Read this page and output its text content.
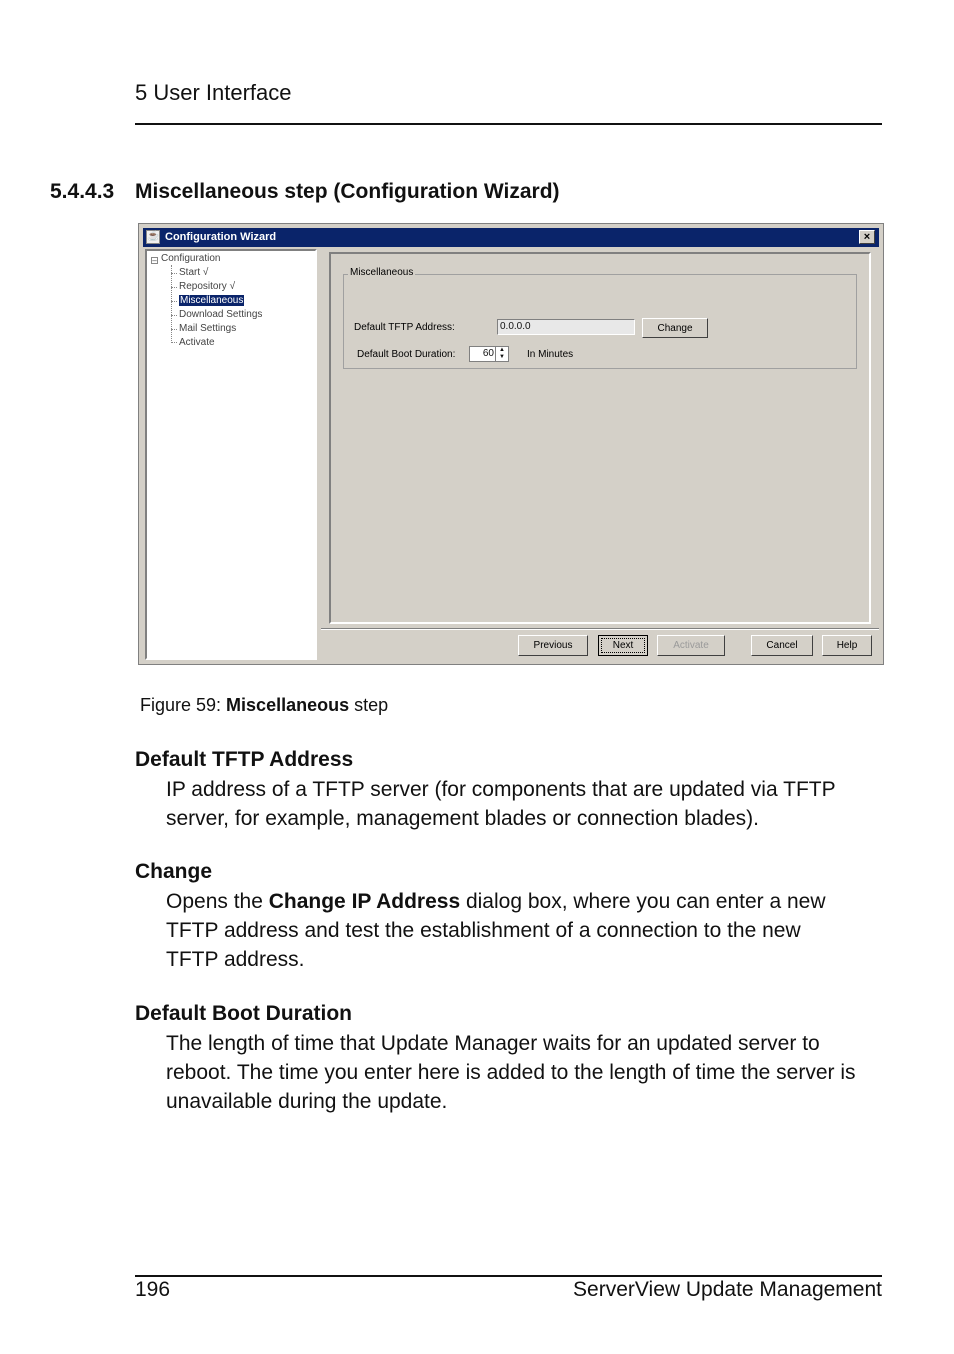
5 User Interface
5.4.4.3 Miscellaneous step (Configuration Wizard)
☕ Configuration Wizard	×
– Configuration
Start √
Repository √
Miscellaneous
Download Settings
Mail Settings
Activate
Miscellaneous
Default TFTP Address:	0.0.0.0	Change
Default Boot Duration:	60 ▲
▼	In Minutes
Previous	Next	Activate	Cancel	Help
Figure 59: Miscellaneous step
Default TFTP Address
IP address of a TFTP server (for components that are updated via TFTP
server, for example, management blades or connection blades).
Change
Opens the Change IP Address dialog box, where you can enter a new
TFTP address and test the establishment of a connection to the new
TFTP address.
Default Boot Duration
The length of time that Update Manager waits for an updated server to
reboot. The time you enter here is added to the length of time the server is
unavailable during the update.
196	ServerView Update Management
